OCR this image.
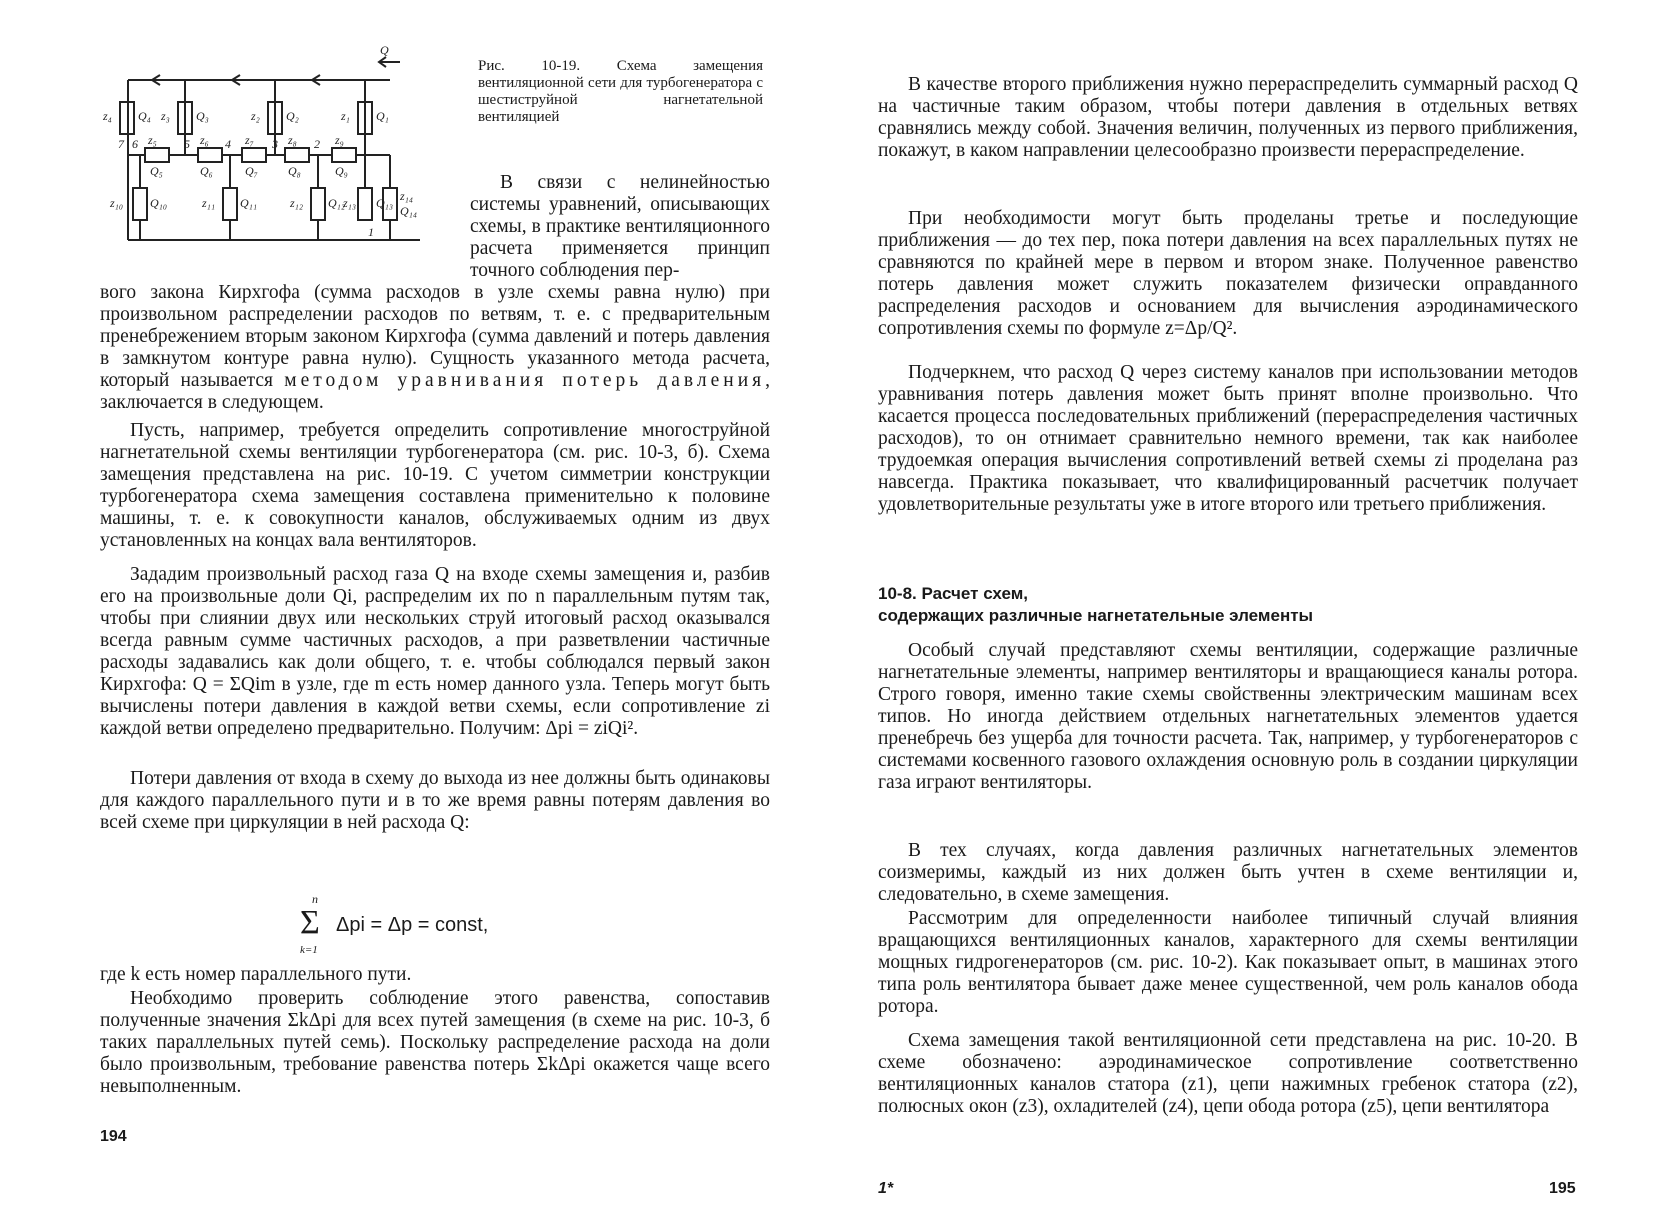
Q
z₄ Q₄ z₃ Q₃	z₂ Q₂	z₁ Q₁
7 6 z₅ 5 z₆ 4 z₇ 3 z₈ 2 z₉
Q₅	Q₆	Q₇	Q₈	Q₉
z₁₀ Q₁₀	z₁₁ Q₁₁	z₁₂ Q₁₂
z₁₃ Q₁₃ z₁₄
Q₁₄
1
Рис. 10-19. Схема замещения вентиляционной сети для турбогенератора с шестиструйной нагнетательной вентиляцией

В связи с нелинейностью системы уравнений, описывающих схемы, в практике вентиляционного расчета применяется принцип точного соблюдения пер-

вого закона Кирхгофа (сумма расходов в узле схемы равна нулю) при произвольном распределении расходов по ветвям, т. е. с предварительным пренебрежением вторым законом Кирхгофа (сумма давлений и потерь давления в замкнутом контуре равна нулю). Сущность указанного метода расчета, который называется методом уравнивания потерь давления, заключается в следующем.

Пусть, например, требуется определить сопротивление многоструйной нагнетательной схемы вентиляции турбогенератора (см. рис. 10-3, б). Схема замещения представлена на рис. 10-19. С учетом симметрии конструкции турбогенератора схема замещения составлена применительно к половине машины, т. е. к совокупности каналов, обслуживаемых одним из двух установленных на концах вала вентиляторов.

Зададим произвольный расход газа Q на входе схемы замещения и, разбив его на произвольные доли Qi, распределим их по n параллельным путям так, чтобы при слиянии двух или нескольких струй итоговый расход оказывался всегда равным сумме частичных расходов, а при разветвлении частичные расходы задавались как доли общего, т. е. чтобы соблюдался первый закон Кирхгофа: Q = ΣQim в узле, где m есть номер данного узла. Теперь могут быть вычислены потери давления в каждой ветви схемы, если сопротивление zi каждой ветви определено предварительно. Получим: Δpi = ziQi².

Потери давления от входа в схему до выхода из нее должны быть одинаковы для каждого параллельного пути и в то же время равны потерям давления во всей схеме при циркуляции в ней расхода Q:

n
Σ
k=1
Δpi = Δp = const,

где k есть номер параллельного пути.

Необходимо проверить соблюдение этого равенства, сопоставив полученные значения ΣkΔpi для всех путей замещения (в схеме на рис. 10-3, б таких параллельных путей семь). Поскольку распределение расхода на доли было произвольным, требование равенства потерь ΣkΔpi окажется чаще всего невыполненным.

194

В качестве второго приближения нужно перераспределить суммарный расход Q на частичные таким образом, чтобы потери давления в отдельных ветвях сравнялись между собой. Значения величин, полученных из первого приближения, покажут, в каком направлении целесообразно произвести перераспределение.

При необходимости могут быть проделаны третье и последующие приближения — до тех пер, пока потери давления на всех параллельных путях не сравняются по крайней мере в первом и втором знаке. Полученное равенство потерь давления может служить показателем физически оправданного распределения расходов и основанием для вычисления аэродинамического сопротивления схемы по формуле z=Δp/Q².

Подчеркнем, что расход Q через систему каналов при использовании методов уравнивания потерь давления может быть принят вполне произвольно. Что касается процесса последовательных приближений (перераспределения частичных расходов), то он отнимает сравнительно немного времени, так как наиболее трудоемкая операция вычисления сопротивлений ветвей схемы zi проделана раз навсегда. Практика показывает, что квалифицированный расчетчик получает удовлетворительные результаты уже в итоге второго или третьего приближения.

10-8. Расчет схем,
содержащих различные нагнетательные элементы

Особый случай представляют схемы вентиляции, содержащие различные нагнетательные элементы, например вентиляторы и вращающиеся каналы ротора. Строго говоря, именно такие схемы свойственны электрическим машинам всех типов. Но иногда действием отдельных нагнетательных элементов удается пренебречь без ущерба для точности расчета. Так, например, у турбогенераторов с системами косвенного газового охлаждения основную роль в создании циркуляции газа играют вентиляторы.

В тех случаях, когда давления различных нагнетательных элементов соизмеримы, каждый из них должен быть учтен в схеме вентиляции и, следовательно, в схеме замещения.

Рассмотрим для определенности наиболее типичный случай влияния вращающихся вентиляционных каналов, характерного для схемы вентиляции мощных гидрогенераторов (см. рис. 10-2). Как показывает опыт, в машинах этого типа роль вентилятора бывает даже менее существенной, чем роль каналов обода ротора.

Схема замещения такой вентиляционной сети представлена на рис. 10-20. В схеме обозначено: аэродинамическое сопротивление соответственно вентиляционных каналов статора (z1), цепи нажимных гребенок статора (z2), полюсных окон (z3), охладителей (z4), цепи обода ротора (z5), цепи вентилятора

1*	195
